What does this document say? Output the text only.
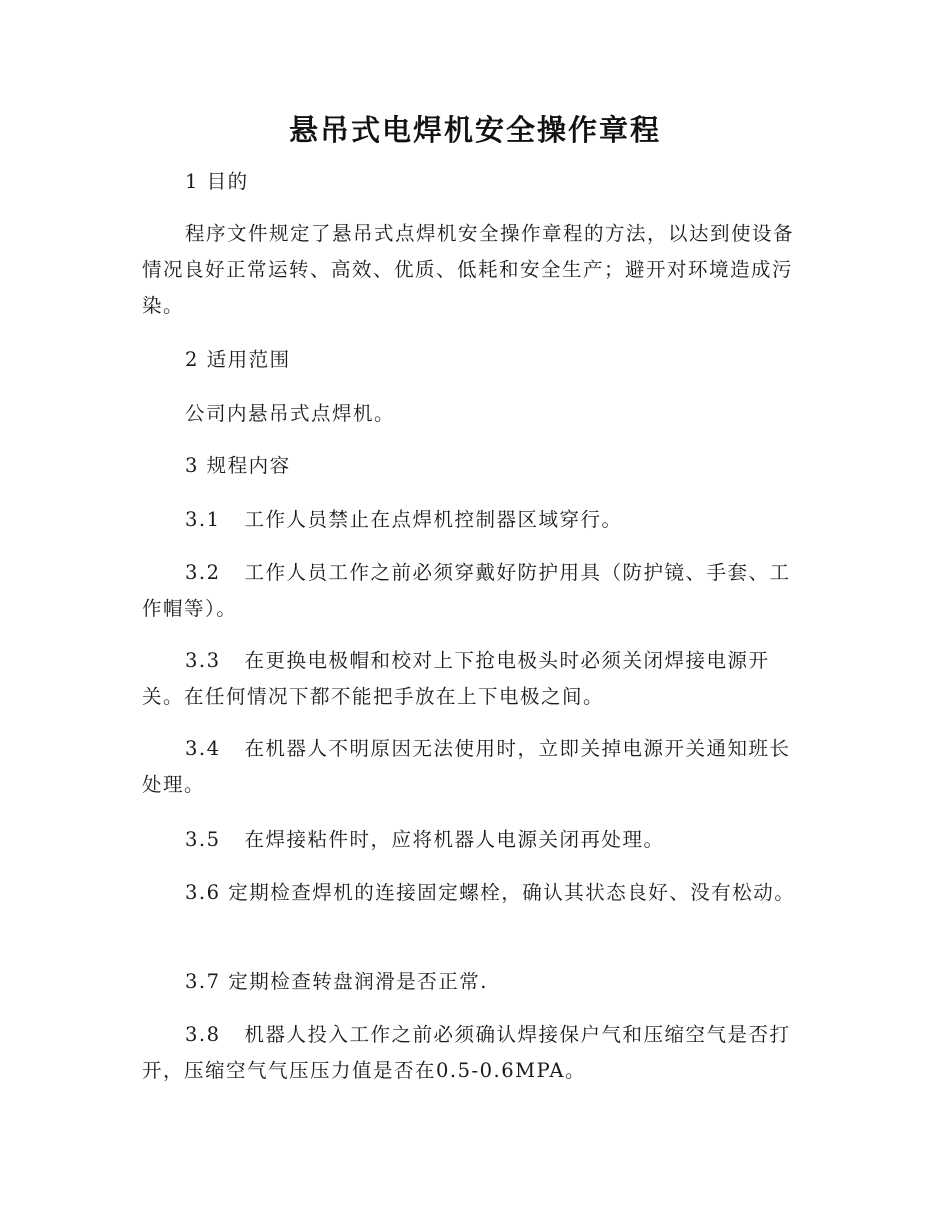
悬吊式电焊机安全操作章程
1 目的
程序文件规定了悬吊式点焊机安全操作章程的方法，以达到使设备情况良好正常运转、高效、优质、低耗和安全生产；避开对环境造成污染。
2 适用范围
公司内悬吊式点焊机。
3 规程内容
3.1 工作人员禁止在点焊机控制器区域穿行。
3.2 工作人员工作之前必须穿戴好防护用具（防护镜、手套、工作帽等）。
3.3 在更换电极帽和校对上下抢电极头时必须关闭焊接电源开关。在任何情况下都不能把手放在上下电极之间。
3.4 在机器人不明原因无法使用时，立即关掉电源开关通知班长处理。
3.5 在焊接粘件时，应将机器人电源关闭再处理。
3.6 定期检查焊机的连接固定螺栓，确认其状态良好、没有松动。
3.7 定期检查转盘润滑是否正常.
3.8 机器人投入工作之前必须确认焊接保户气和压缩空气是否打开，压缩空气气压压力值是否在0.5-0.6MPA。
